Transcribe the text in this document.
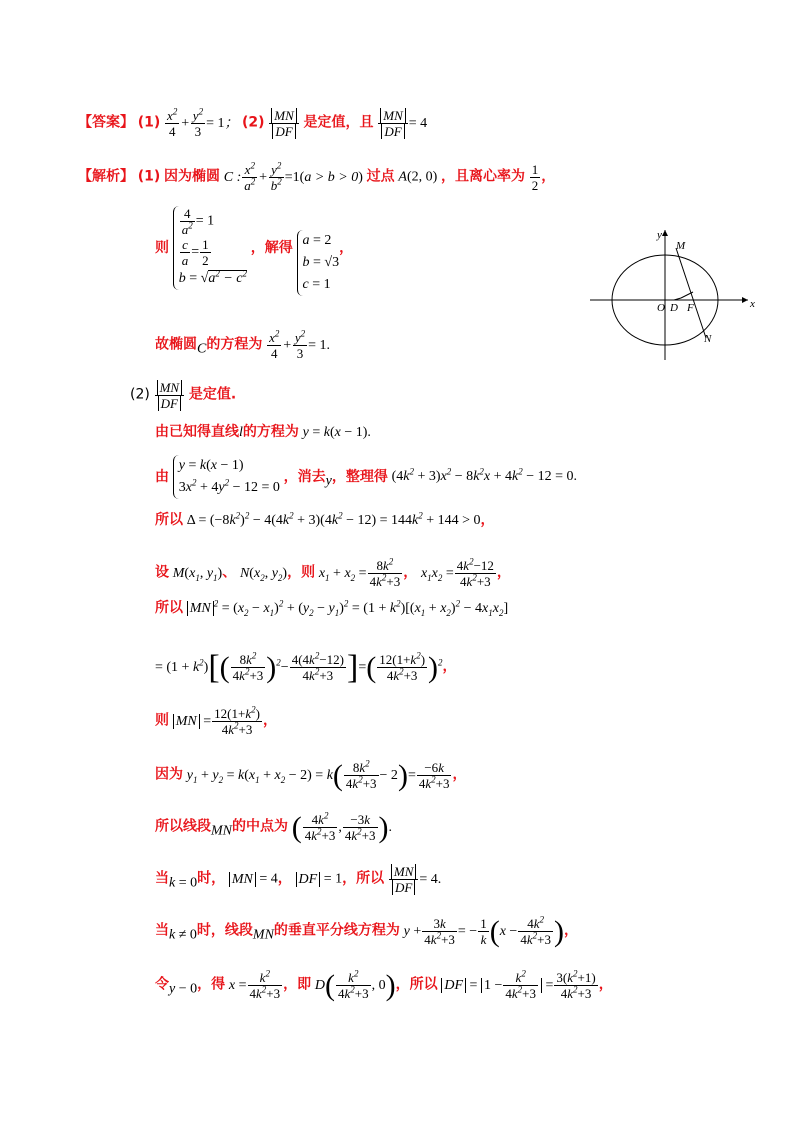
【答案】 $(1) \frac{x^2}{4} + \frac{y^2}{3} = 1$； $(2) \frac{MN}{DF}$ 是定值，且 $\frac{MN}{DF} = 4$
【解析】 (1) 因为椭圆 C : $\frac{x^2}{a^2} + \frac{y^2}{b^2} =1(a > b > 0)$ 过点 A(2, 0) ，且离心率为 $\frac{1}{2}$ ，
则
$\frac{4}{a^2} = 1$
$\frac{c}{a} = \frac{1}{2}$
$b = √a^2 - c^2$
，解得 a = 2
b = √3
c = 1
，
故椭圆C的方程为 $\frac{x^2}{4} + \frac{y^2}{3} = 1$.
$(2) \frac{MN}{DF}$ 是定值.
由已知得直线l的方程为 y = k(x − 1).
由
y = k(x − 1)
$3x^2 + 4y^2 - 12 = 0$
，消去y，整理得 $(4k^2 + 3)x^2 - 8k^2x + 4k^2 - 12 = 0$.
所以 $\Delta = (-8k^2)^2 - 4(4k^2 + 3)(4k^2 - 12) = 144k^2 + 144 > 0$，
设 $M(x_1$, $y_1$)、 $N(x_2$, $y_2$)，则 $x_1 + x_2 = \frac{8k^2}{4k^2+3}$ ， $x_1x_2 = \frac{4k^2-12}{4k^2+3}$ ，
所以 MN $^2 = (x_2 - x_1)^2 + (y_2 - y_1)^2 = (1 + k^2)[(x_1 + x_2)^2 - 4x_1x_2]$
= $(1 + k^2)[( \frac{8k^2}{4k^2+3} )^2- \frac{4(4k^2-12)}{4k^2+3}$ ]=( $\frac{12(1+k^2)}{4k^2+3} )^2$，
则 MN = $\frac{12(1+k^2)}{4k^2+3}$ ，
因为 $y_1 + y_2 = k(x_1 + x_2 - 2) = k( \frac{8k^2}{4k^2+3} - 2)= \frac{-6k}{4k^2+3}$ ，
所以线段MN的中点为 ( $\frac{4k^2}{4k^2+3}$ , $\frac{-3k}{4k^2+3}$ ).
当k = 0时， MN = 4， DF = 1，所以 $\frac{MN}{DF} = 4$.
当k ≠ 0时，线段MN的垂直平分线方程为 $y + \frac{3k}{4k^2+3}$ = − $\frac{1}{k} (x - \frac{4k^2}{4k^2+3}$ )，
令y − 0，得 $x = \frac{k^2}{4k^2+3}$ ，即 $D( \frac{k^2}{4k^2+3}$ , 0)，所以 DF = $1 - \frac{k^2}{4k^2+3} = \frac{3(k^2+1)}{4k^2+3}$ ，
y
M
O D F	x
N
